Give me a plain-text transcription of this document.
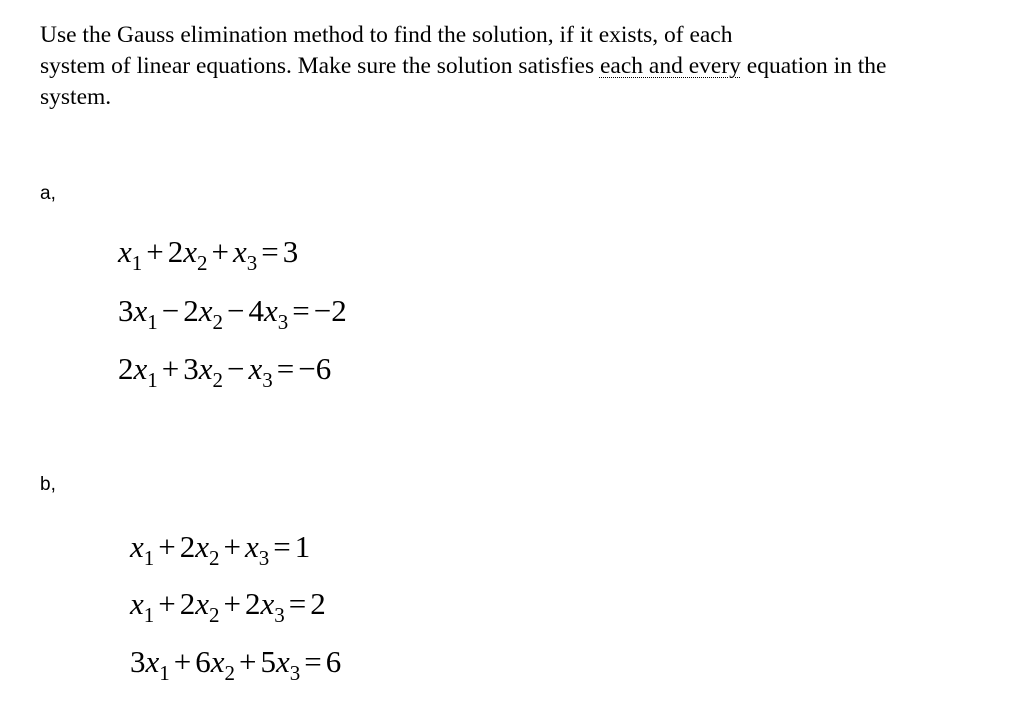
Use the Gauss elimination method to find the solution, if it exists, of each
system of linear equations. Make sure the solution satisfies each and every equation in the
system.
a,
b,
$x_1 + 2x_2 + x_3 = 3$
$3x_1 - 2x_2 - 4x_3 = -2$
$2x_1 + 3x_2 - x_3 = -6$
$x_1 + 2x_2 + x_3 = 1$
$x_1 + 2x_2 + 2x_3 = 2$
$3x_1 + 6x_2 + 5x_3 = 6$
